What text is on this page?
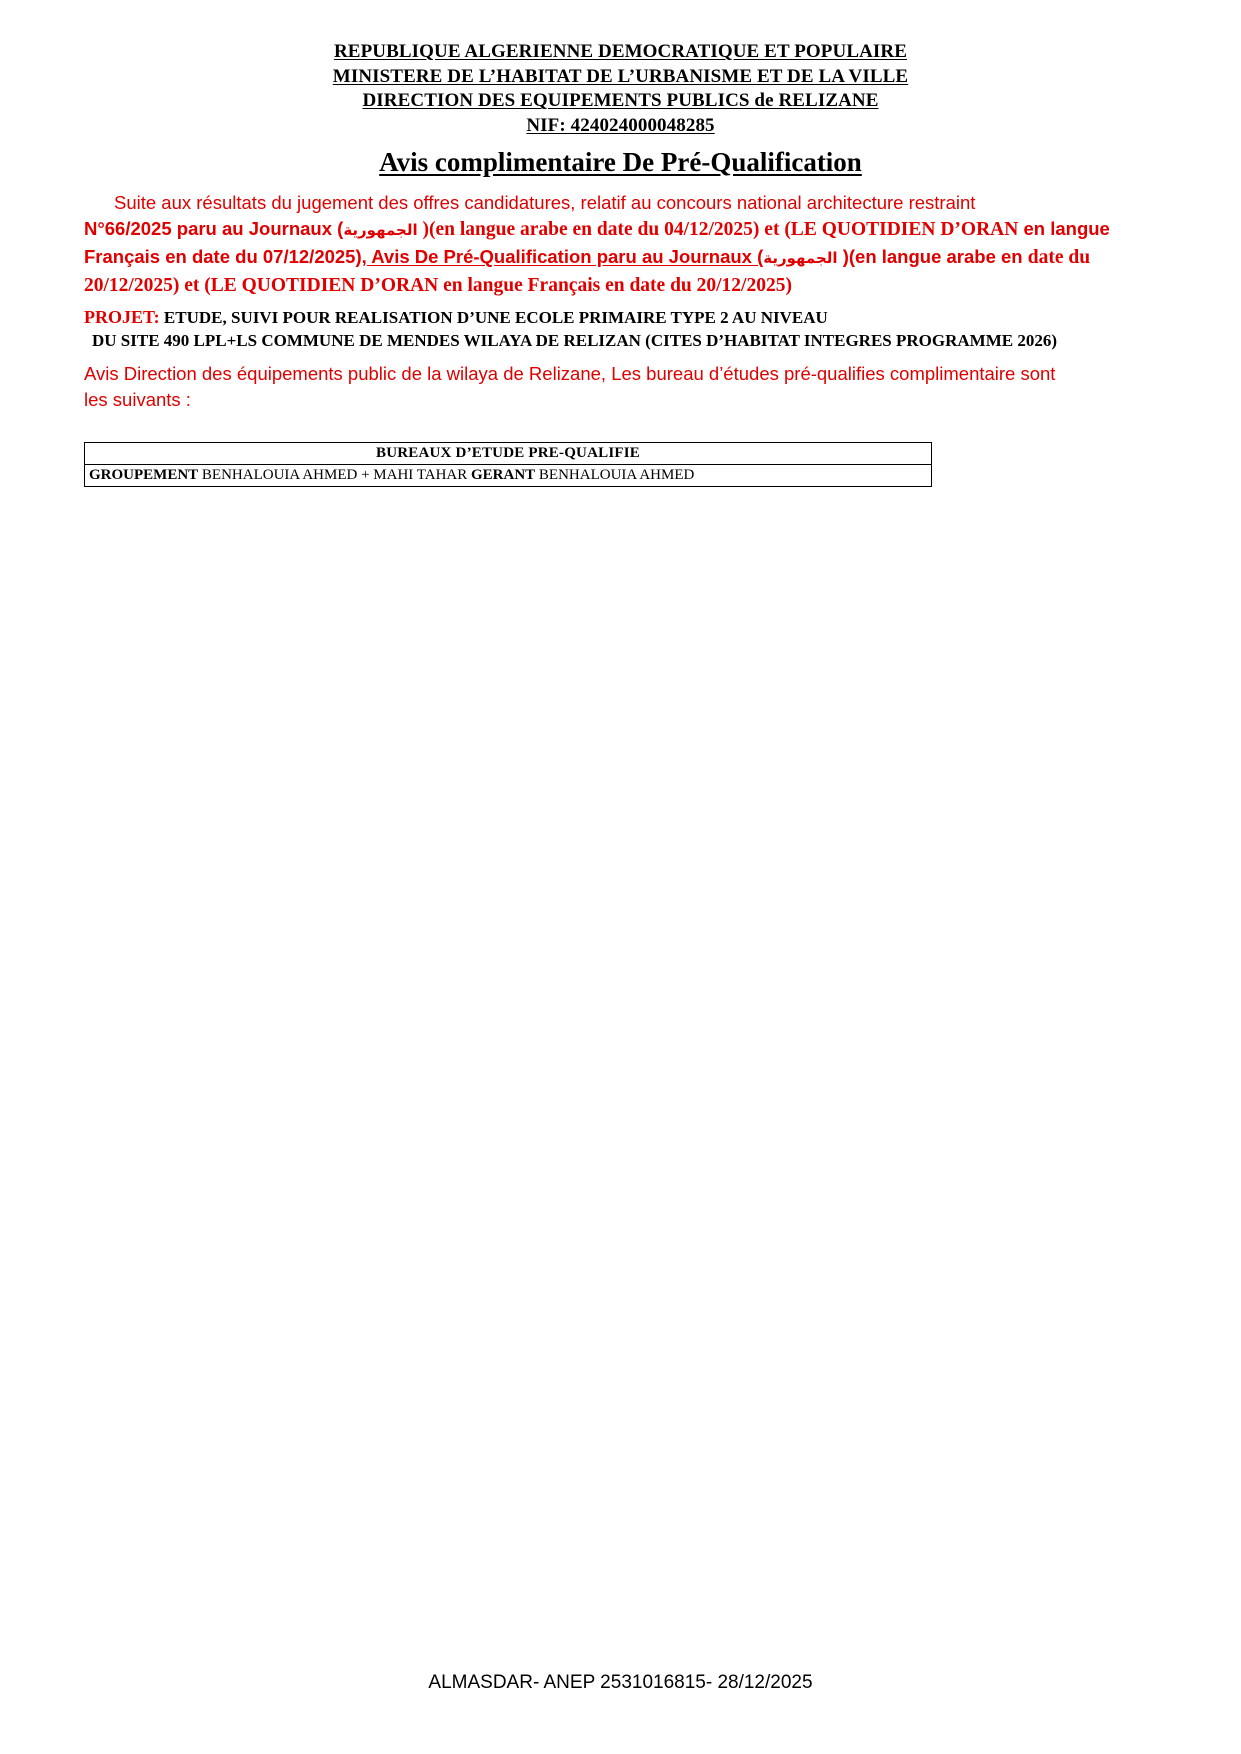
REPUBLIQUE ALGERIENNE DEMOCRATIQUE ET POPULAIRE
MINISTERE DE L’HABITAT DE L’URBANISME ET DE LA VILLE
DIRECTION DES EQUIPEMENTS PUBLICS de RELIZANE
NIF: 424024000048285
Avis complimentaire De Pré-Qualification
Suite aux résultats du jugement des offres candidatures, relatif au concours national architecture restraint
N°66/2025 paru au Journaux (الجمهورية )(en langue arabe en date du 04/12/2025) et (LE QUOTIDIEN D’ORAN en langue Français en date du 07/12/2025), Avis De Pré-Qualification paru au Journaux (الجمهورية )(en langue arabe en date du 20/12/2025) et (LE QUOTIDIEN D’ORAN en langue Français en date du 20/12/2025)
PROJET: ETUDE, SUIVI POUR REALISATION D’UNE ECOLE PRIMAIRE TYPE 2 AU NIVEAU
DU SITE 490 LPL+LS COMMUNE DE MENDES WILAYA DE RELIZAN (CITES D’HABITAT INTEGRES PROGRAMME 2026)
Avis Direction des équipements public de la wilaya de Relizane, Les bureau d’études pré-qualifies complimentaire sont
les suivants :
BUREAUX D’ETUDE PRE-QUALIFIE
GROUPEMENT BENHALOUIA AHMED + MAHI TAHAR GERANT BENHALOUIA AHMED
ALMASDAR- ANEP 2531016815- 28/12/2025
